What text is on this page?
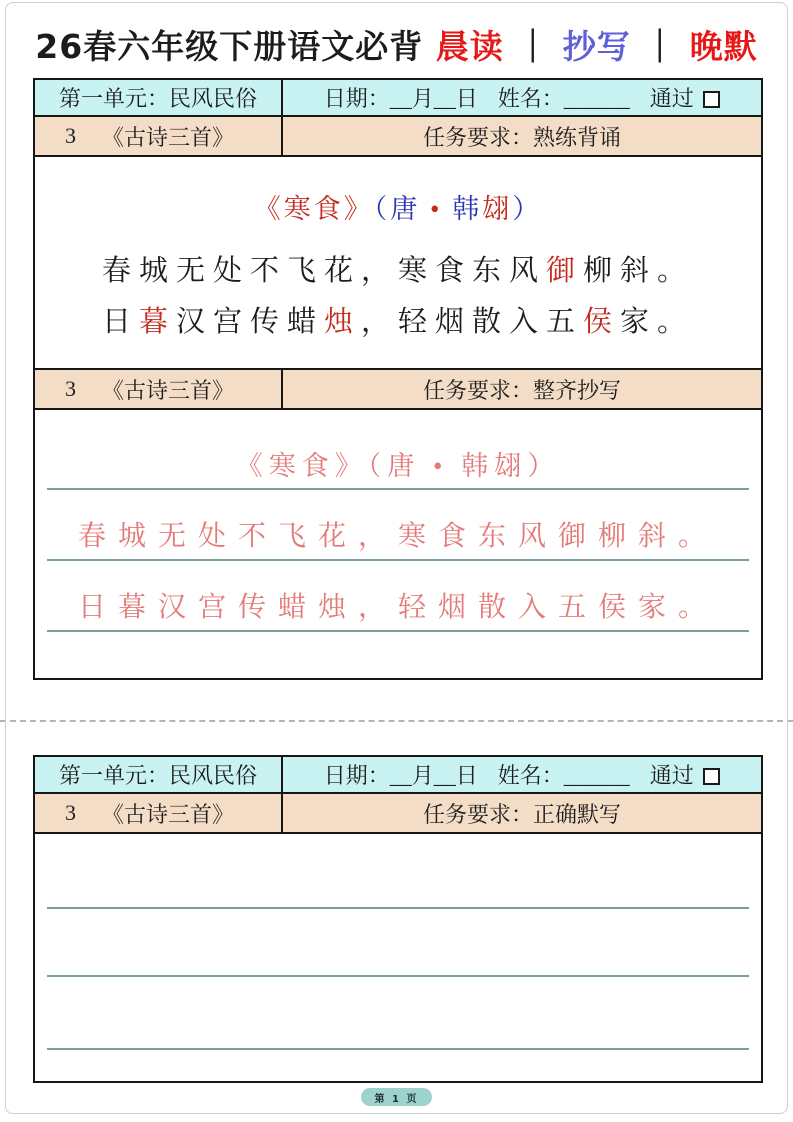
26春六年级下册语文必背 晨读 ｜ 抄写 ｜ 晚默
第一单元：民风民俗	日期：__月__日 姓名：______ 通过
3 《古诗三首》	任务要求：熟练背诵
《寒食》（唐 • 韩翃）
春城无处不飞花，寒食东风御柳斜。
日暮汉宫传蜡烛，轻烟散入五侯家。
3 《古诗三首》	任务要求：整齐抄写
《寒食》（唐 • 韩翃）
春城无处不飞花，寒食东风御柳斜。
日暮汉宫传蜡烛，轻烟散入五侯家。
第一单元：民风民俗	日期：__月__日 姓名：______ 通过
3 《古诗三首》	任务要求：正确默写
第 1 页
